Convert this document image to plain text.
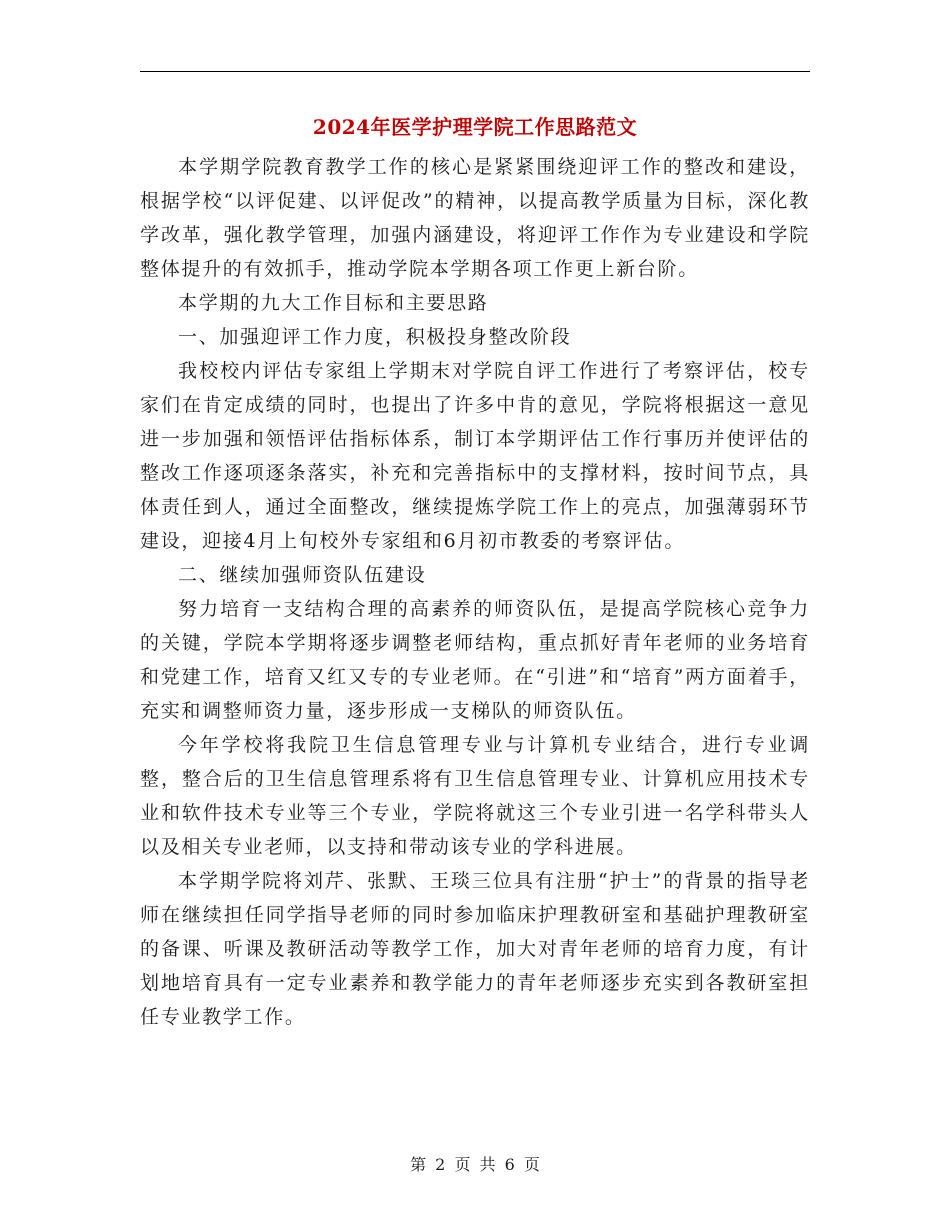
2024年医学护理学院工作思路范文

本学期学院教育教学工作的核心是紧紧围绕迎评工作的整改和建设，根据学校“以评促建、以评促改”的精神，以提高教学质量为目标，深化教学改革，强化教学管理，加强内涵建设，将迎评工作作为专业建设和学院整体提升的有效抓手，推动学院本学期各项工作更上新台阶。

本学期的九大工作目标和主要思路

一、加强迎评工作力度，积极投身整改阶段

我校校内评估专家组上学期末对学院自评工作进行了考察评估，校专家们在肯定成绩的同时，也提出了许多中肯的意见，学院将根据这一意见进一步加强和领悟评估指标体系，制订本学期评估工作行事历并使评估的整改工作逐项逐条落实，补充和完善指标中的支撑材料，按时间节点，具体责任到人，通过全面整改，继续提炼学院工作上的亮点，加强薄弱环节建设，迎接4月上旬校外专家组和6月初市教委的考察评估。

二、继续加强师资队伍建设

努力培育一支结构合理的高素养的师资队伍，是提高学院核心竞争力的关键，学院本学期将逐步调整老师结构，重点抓好青年老师的业务培育和党建工作，培育又红又专的专业老师。在“引进”和“培育”两方面着手，充实和调整师资力量，逐步形成一支梯队的师资队伍。

今年学校将我院卫生信息管理专业与计算机专业结合，进行专业调整，整合后的卫生信息管理系将有卫生信息管理专业、计算机应用技术专业和软件技术专业等三个专业，学院将就这三个专业引进一名学科带头人以及相关专业老师，以支持和带动该专业的学科进展。

本学期学院将刘芹、张默、王琰三位具有注册“护士”的背景的指导老师在继续担任同学指导老师的同时参加临床护理教研室和基础护理教研室的备课、听课及教研活动等教学工作，加大对青年老师的培育力度，有计划地培育具有一定专业素养和教学能力的青年老师逐步充实到各教研室担任专业教学工作。

第 2 页 共 6 页
